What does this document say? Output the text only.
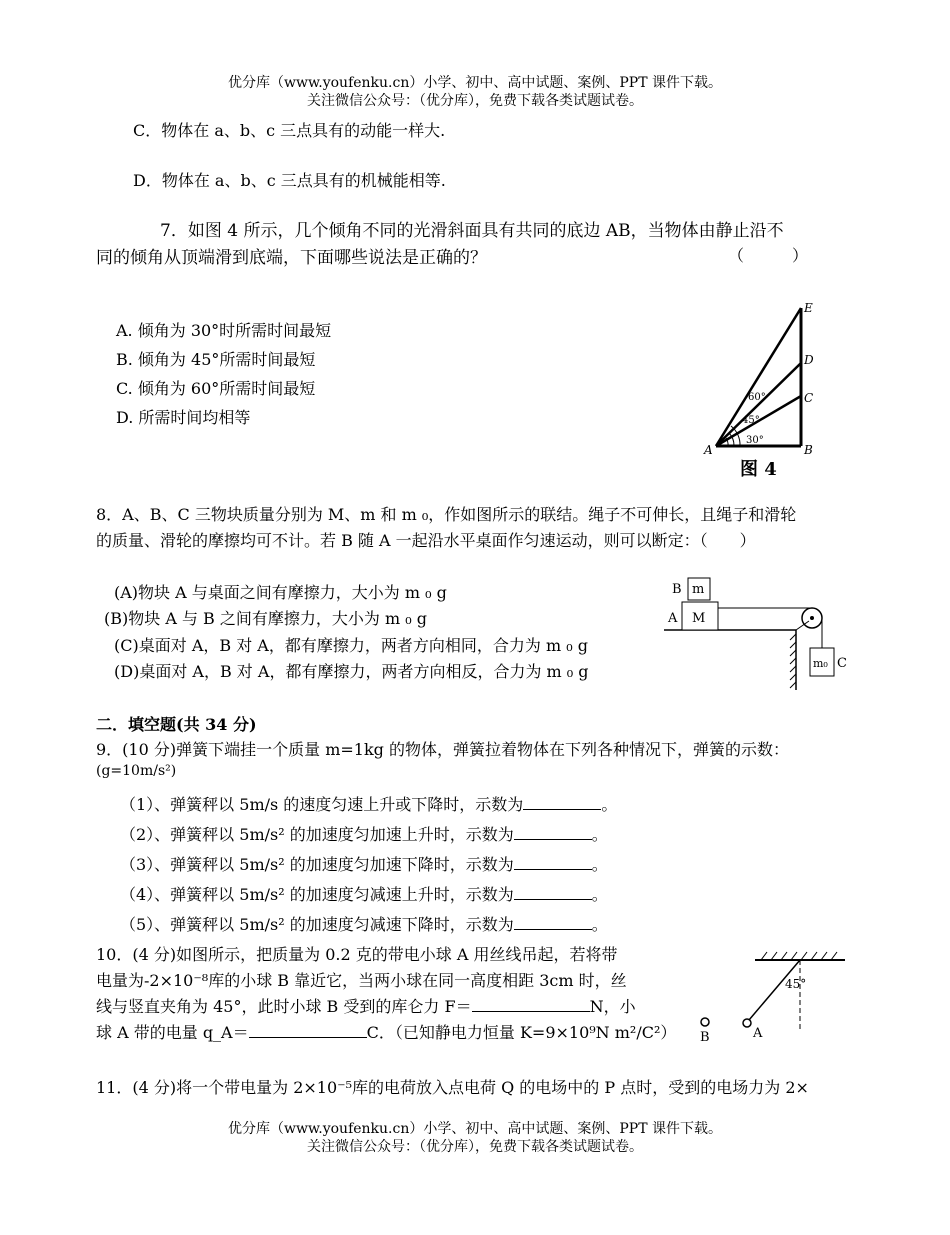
优分库（www.youfenku.cn）小学、初中、高中试题、案例、PPT 课件下载。
关注微信公众号：（优分库），免费下载各类试题试卷。
C．物体在 a、b、c 三点具有的动能一样大.
D．物体在 a、b、c 三点具有的机械能相等.
7．如图 4 所示，几个倾角不同的光滑斜面具有共同的底边 AB，当物体由静止沿不
同的倾角从顶端滑到底端，下面哪些说法是正确的？	（　　　）
A. 倾角为 30°时所需时间最短
B. 倾角为 45°所需时间最短
C. 倾角为 60°所需时间最短
D. 所需时间均相等
A	B
C
D
E
30°
45°
60°
图 4
8．A、B、C 三物块质量分别为 M、m 和 m ₀，作如图所示的联结。绳子不可伸长，且绳子和滑轮
的质量、滑轮的摩擦均可不计。若 B 随 A 一起沿水平桌面作匀速运动，则可以断定：（　　）
(A)物块 A 与桌面之间有摩擦力，大小为 m ₀ g
(B)物块 A 与 B 之间有摩擦力，大小为 m ₀ g
(C)桌面对 A，B 对 A，都有摩擦力，两者方向相同，合力为 m ₀ g
(D)桌面对 A，B 对 A，都有摩擦力，两者方向相反，合力为 m ₀ g
B m
A M
m₀ C
二．填空题(共 34 分)
9．(10 分)弹簧下端挂一个质量 m=1kg 的物体，弹簧拉着物体在下列各种情况下，弹簧的示数：
(g=10m/s²)
（1）、弹簧秤以 5m/s 的速度匀速上升或下降时，示数为	。
（2）、弹簧秤以 5m/s² 的加速度匀加速上升时，示数为	。
（3）、弹簧秤以 5m/s² 的加速度匀加速下降时，示数为	。
（4）、弹簧秤以 5m/s² 的加速度匀减速上升时，示数为	。
（5）、弹簧秤以 5m/s² 的加速度匀减速下降时，示数为	。
10．(4 分)如图所示，把质量为 0.2 克的带电小球 A 用丝线吊起，若将带
电量为-2×10⁻⁸库的小球 B 靠近它，当两小球在同一高度相距 3cm 时，丝
线与竖直夹角为 45°，此时小球 B 受到的库仑力 F＝	N，小
球 A 带的电量 q_A＝	C．（已知静电力恒量 K=9×10⁹N m²/C²）
45°
A
B
11．(4 分)将一个带电量为 2×10⁻⁵库的电荷放入点电荷 Q 的电场中的 P 点时，受到的电场力为 2×
优分库（www.youfenku.cn）小学、初中、高中试题、案例、PPT 课件下载。
关注微信公众号：（优分库），免费下载各类试题试卷。
